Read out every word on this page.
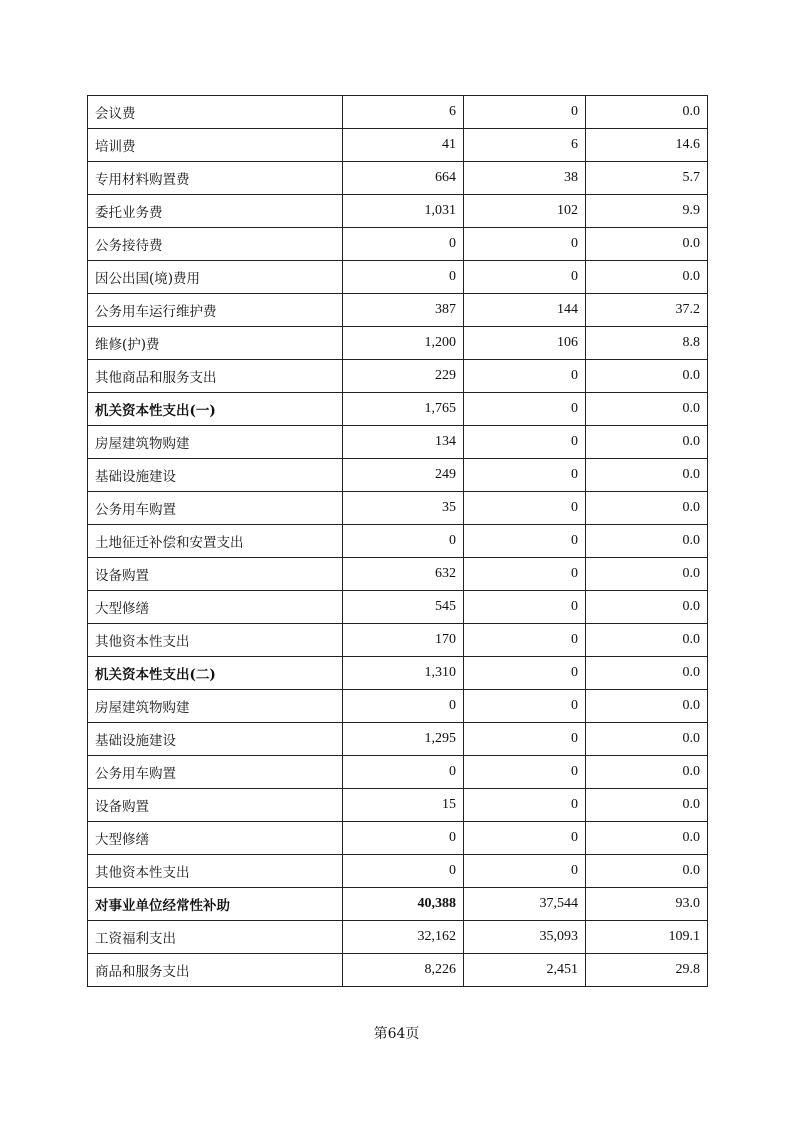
会议费	6	0	0.0
培训费	41	6	14.6
专用材料购置费	664	38	5.7
委托业务费	1,031	102	9.9
公务接待费	0	0	0.0
因公出国(境)费用	0	0	0.0
公务用车运行维护费	387	144	37.2
维修(护)费	1,200	106	8.8
其他商品和服务支出	229	0	0.0
机关资本性支出(一)	1,765	0	0.0
房屋建筑物购建	134	0	0.0
基础设施建设	249	0	0.0
公务用车购置	35	0	0.0
土地征迁补偿和安置支出	0	0	0.0
设备购置	632	0	0.0
大型修缮	545	0	0.0
其他资本性支出	170	0	0.0
机关资本性支出(二)	1,310	0	0.0
房屋建筑物购建	0	0	0.0
基础设施建设	1,295	0	0.0
公务用车购置	0	0	0.0
设备购置	15	0	0.0
大型修缮	0	0	0.0
其他资本性支出	0	0	0.0
对事业单位经常性补助	40,388	37,544	93.0
工资福利支出	32,162	35,093	109.1
商品和服务支出	8,226	2,451	29.8
第64页
